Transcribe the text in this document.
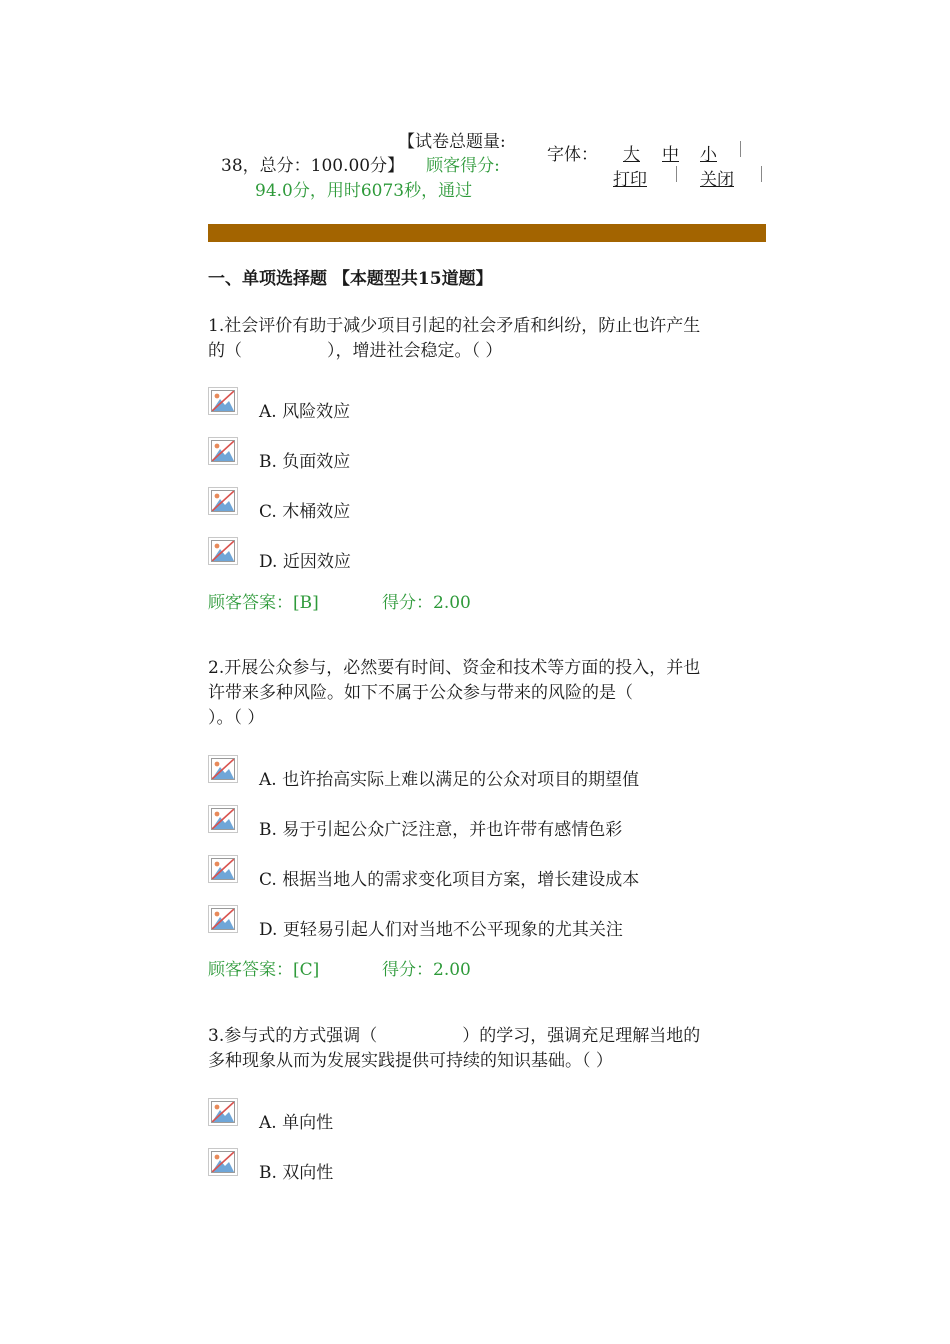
【试卷总题量:
38，总分：100.00分】 顾客得分:
94.0分，用时6073秒，通过
字体： 大 中 小
打印	关闭
一、单项选择题 【本题型共15道题】
1.社会评价有助于减少项目引起的社会矛盾和纠纷，防止也许产生
的（　　　　　），增进社会稳定。（ ）
A. 风险效应
B. 负面效应
C. 木桶效应
D. 近因效应
顾客答案：[B]	得分：2.00
2.开展公众参与，必然要有时间、资金和技术等方面的投入，并也
许带来多种风险。如下不属于公众参与带来的风险的是（
）。（ ）
A. 也许抬高实际上难以满足的公众对项目的期望值
B. 易于引起公众广泛注意，并也许带有感情色彩
C. 根据当地人的需求变化项目方案，增长建设成本
D. 更轻易引起人们对当地不公平现象的尤其关注
顾客答案：[C]	得分：2.00
3.参与式的方式强调（　　　　　）的学习，强调充足理解当地的
多种现象从而为发展实践提供可持续的知识基础。（ ）
A. 单向性
B. 双向性
